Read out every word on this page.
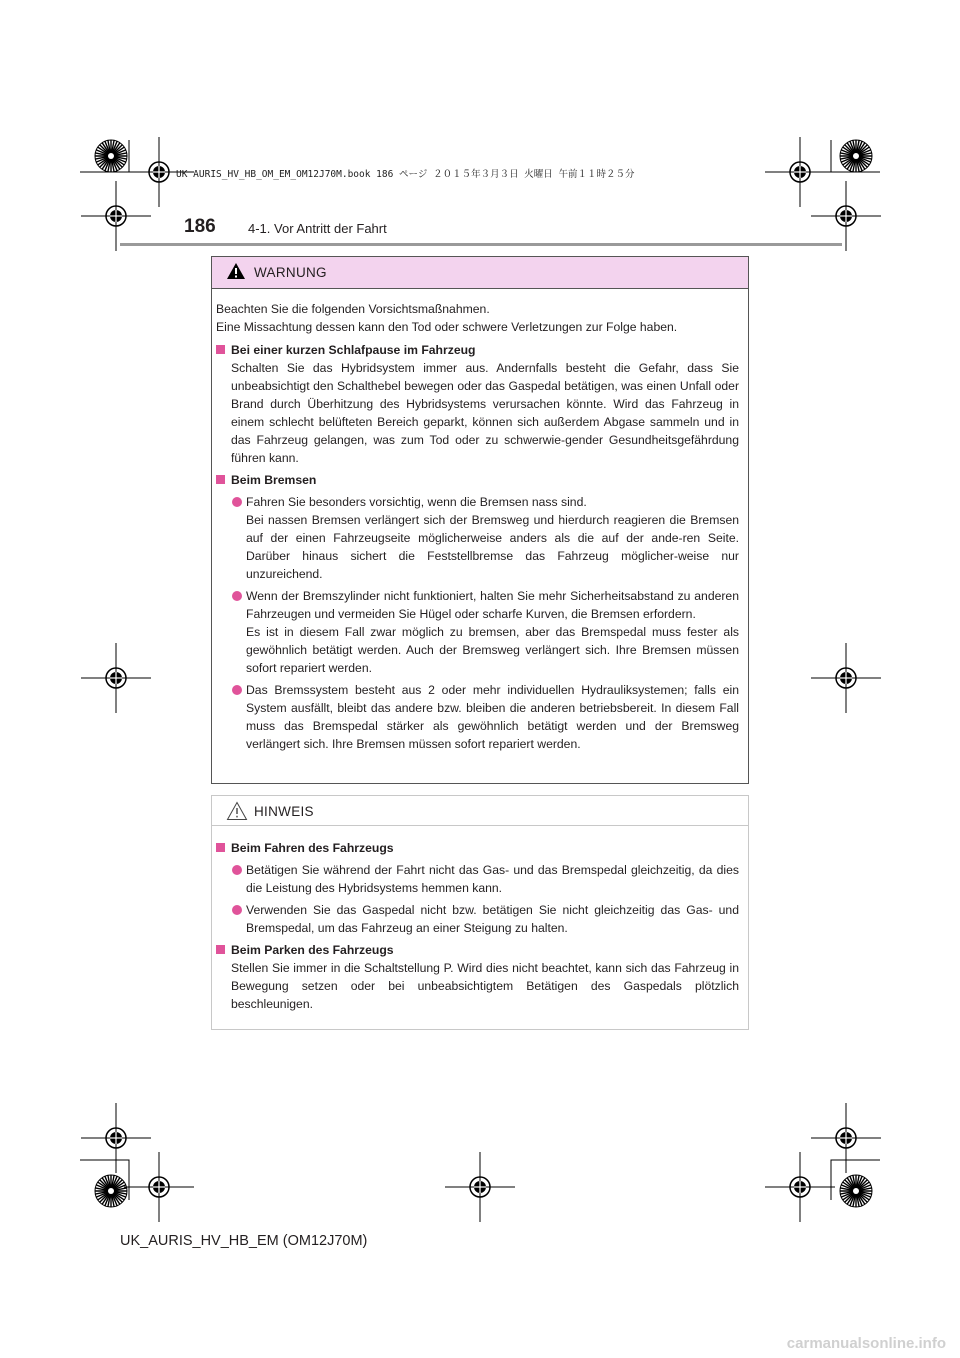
UK AURIS_HV_HB_OM_EM_OM12J70M.book 186 ページ ２０１５年３月３日 火曜日 午前１１時２５分
186 4-1. Vor Antritt der Fahrt
WARNUNG

Beachten Sie die folgenden Vorsichtsmaßnahmen.
Eine Missachtung dessen kann den Tod oder schwere Verletzungen zur Folge haben.

Bei einer kurzen Schlafpause im Fahrzeug

Schalten Sie das Hybridsystem immer aus. Andernfalls besteht die Gefahr, dass Sie unbeabsichtigt den Schalthebel bewegen oder das Gaspedal betätigen, was einen Unfall oder Brand durch Überhitzung des Hybridsystems verursachen könnte. Wird das Fahrzeug in einem schlecht belüfteten Bereich geparkt, können sich außerdem Abgase sammeln und in das Fahrzeug gelangen, was zum Tod oder zu schwerwie-gender Gesundheitsgefährdung führen kann.

Beim Bremsen
Fahren Sie besonders vorsichtig, wenn die Bremsen nass sind.
Bei nassen Bremsen verlängert sich der Bremsweg und hierdurch reagieren die Bremsen auf der einen Fahrzeugseite möglicherweise anders als die auf der ande-ren Seite. Darüber hinaus sichert die Feststellbremse das Fahrzeug möglicher-weise nur unzureichend.
Wenn der Bremszylinder nicht funktioniert, halten Sie mehr Sicherheitsabstand zu anderen Fahrzeugen und vermeiden Sie Hügel oder scharfe Kurven, die Bremsen erfordern.
Es ist in diesem Fall zwar möglich zu bremsen, aber das Bremspedal muss fester als gewöhnlich betätigt werden. Auch der Bremsweg verlängert sich. Ihre Bremsen müssen sofort repariert werden.
Das Bremssystem besteht aus 2 oder mehr individuellen Hydrauliksystemen; falls ein System ausfällt, bleibt das andere bzw. bleiben die anderen betriebsbereit. In diesem Fall muss das Bremspedal stärker als gewöhnlich betätigt werden und der Bremsweg verlängert sich. Ihre Bremsen müssen sofort repariert werden.
HINWEIS
Beim Fahren des Fahrzeugs
Betätigen Sie während der Fahrt nicht das Gas- und das Bremspedal gleichzeitig, da dies die Leistung des Hybridsystems hemmen kann.
Verwenden Sie das Gaspedal nicht bzw. betätigen Sie nicht gleichzeitig das Gas- und Bremspedal, um das Fahrzeug an einer Steigung zu halten.
Beim Parken des Fahrzeugs

Stellen Sie immer in die Schaltstellung P. Wird dies nicht beachtet, kann sich das Fahrzeug in Bewegung setzen oder bei unbeabsichtigtem Betätigen des Gaspedals plötzlich beschleunigen.

UK_AURIS_HV_HB_EM (OM12J70M)
carmanualsonline.info
